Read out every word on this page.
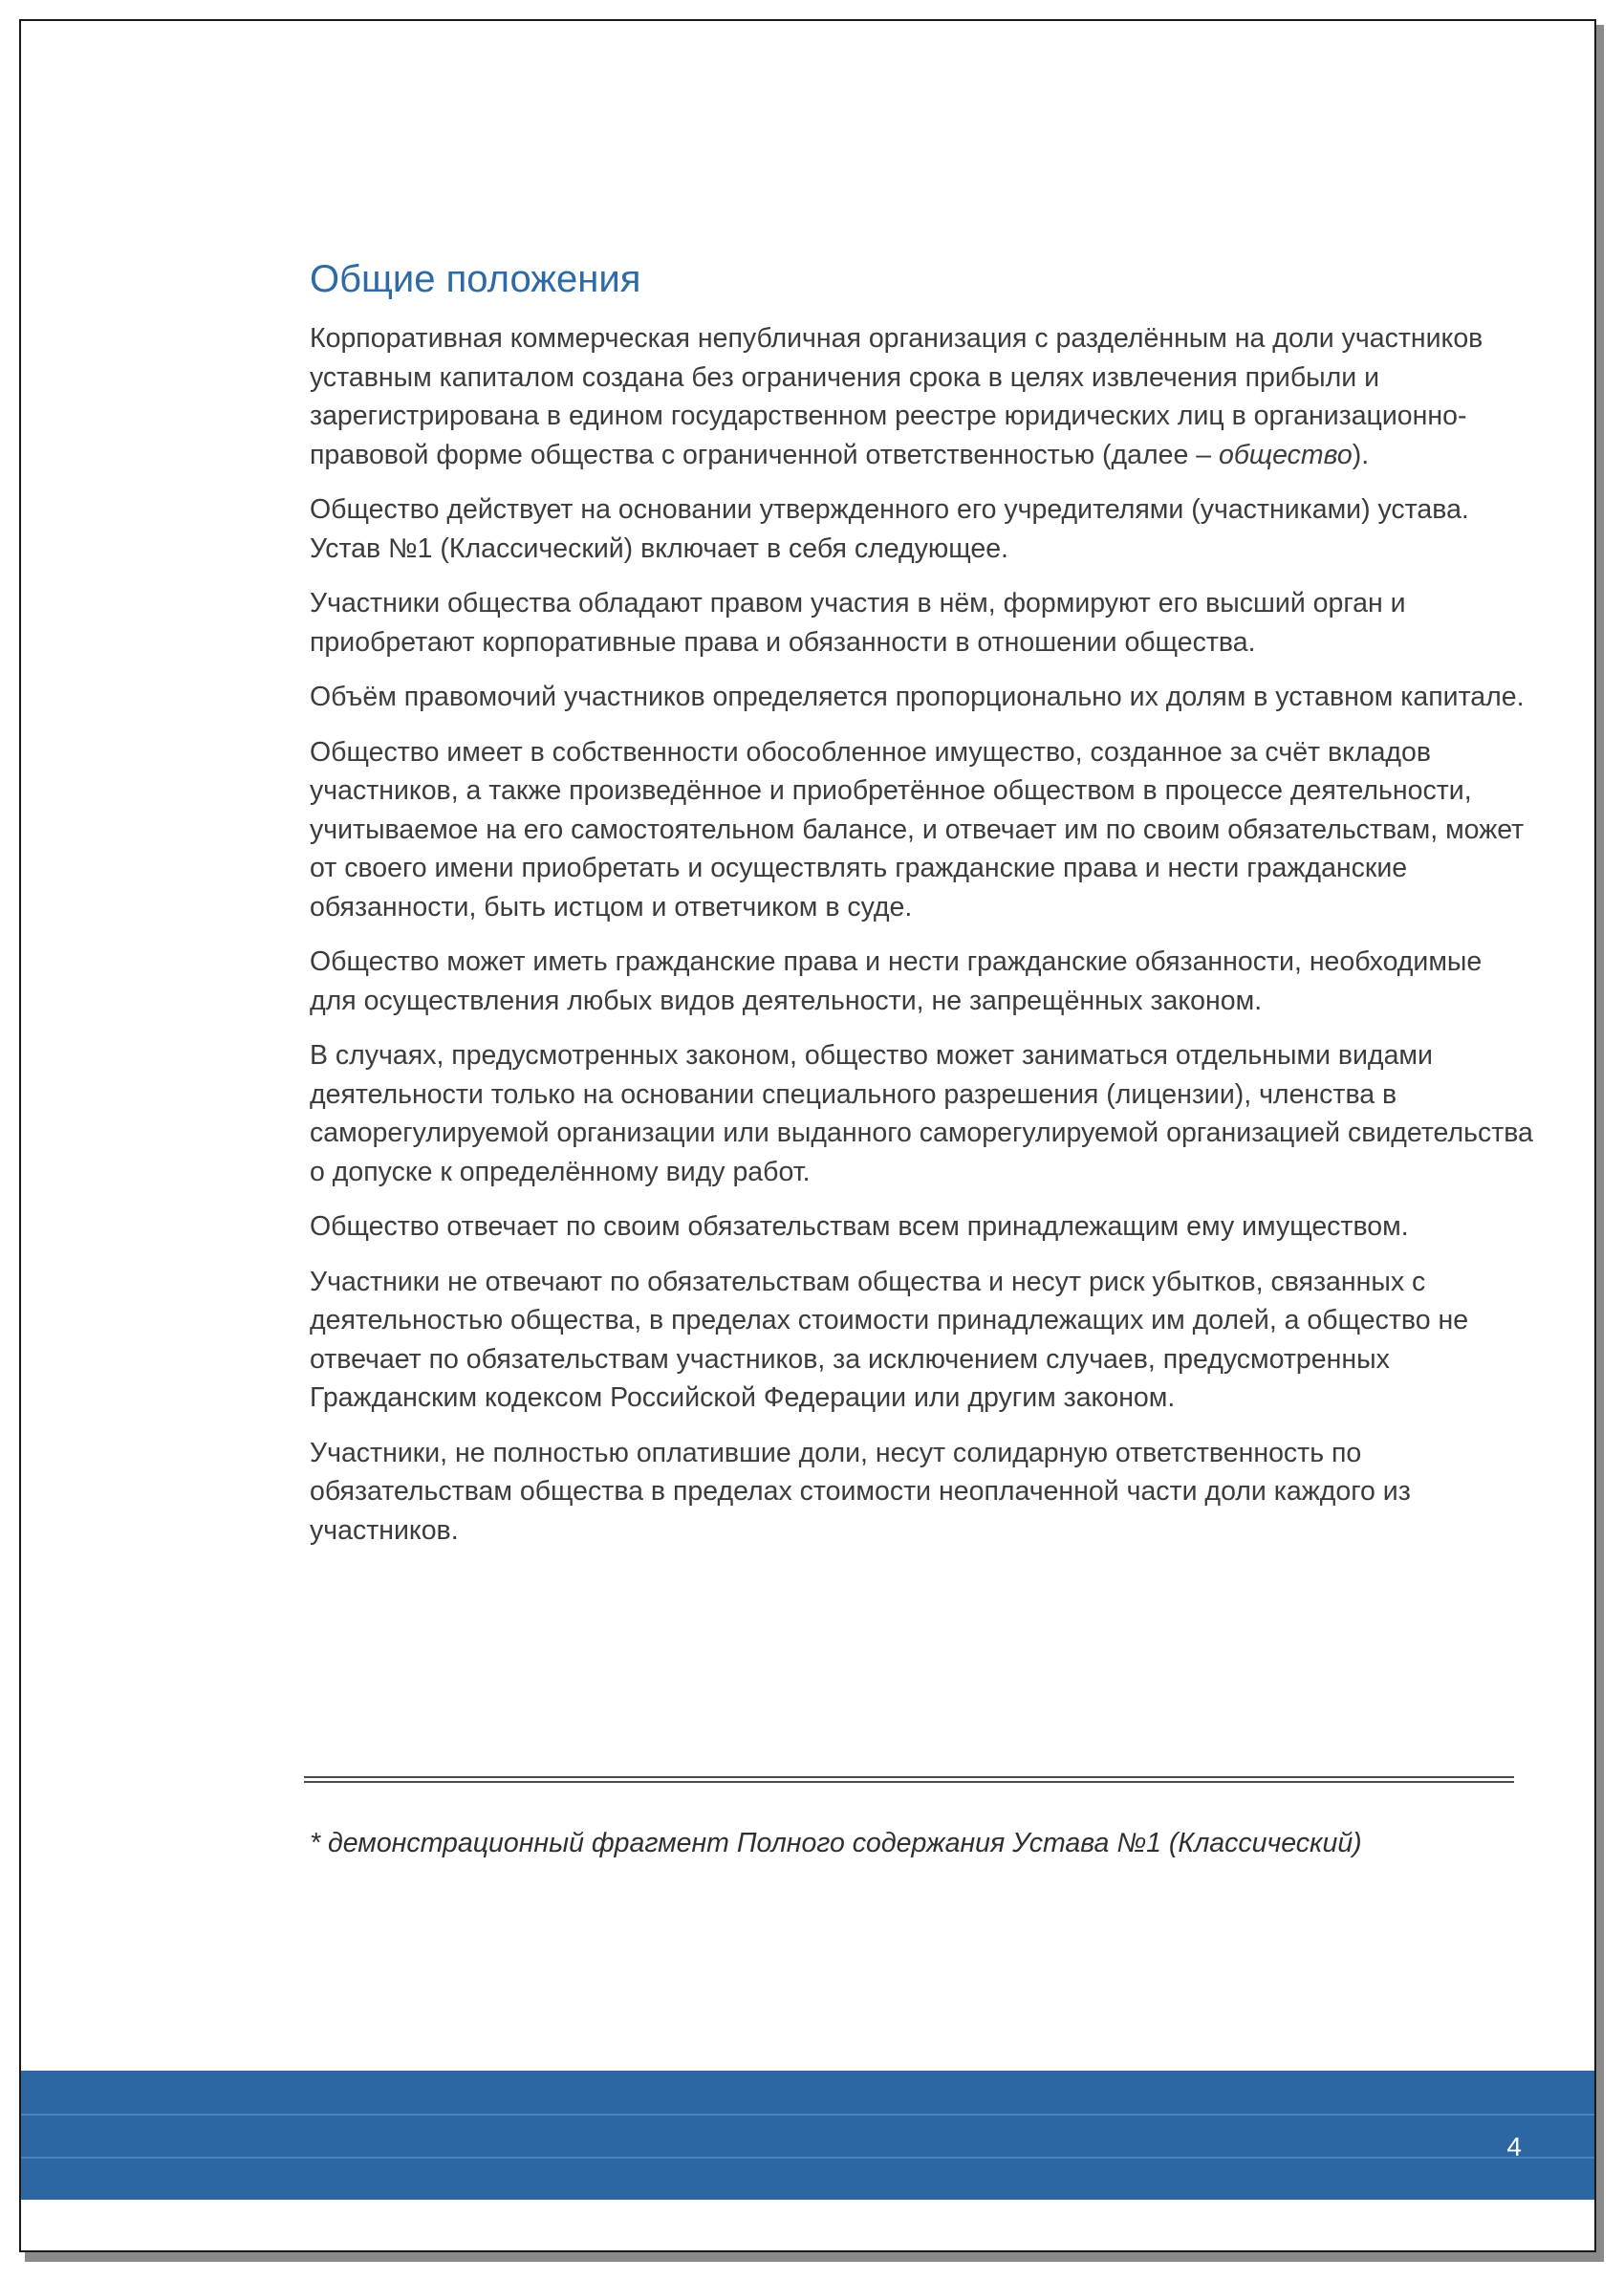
Общие положения

Корпоративная коммерческая непубличная организация с разделённым на доли участников уставным капиталом создана без ограничения срока в целях извлечения прибыли и зарегистрирована в едином государственном реестре юридических лиц в организационно-правовой форме общества с ограниченной ответственностью (далее – общество).

Общество действует на основании утвержденного его учредителями (участниками) устава. Устав №1 (Классический) включает в себя следующее.

Участники общества обладают правом участия в нём, формируют его высший орган и приобретают корпоративные права и обязанности в отношении общества.

Объём правомочий участников определяется пропорционально их долям в уставном капитале.

Общество имеет в собственности обособленное имущество, созданное за счёт вкладов участников, а также произведённое и приобретённое обществом в процессе деятельности, учитываемое на его самостоятельном балансе, и отвечает им по своим обязательствам, может от своего имени приобретать и осуществлять гражданские права и нести гражданские обязанности, быть истцом и ответчиком в суде.

Общество может иметь гражданские права и нести гражданские обязанности, необходимые для осуществления любых видов деятельности, не запрещённых законом.

В случаях, предусмотренных законом, общество может заниматься отдельными видами деятельности только на основании специального разрешения (лицензии), членства в саморегулируемой организации или выданного саморегулируемой организацией свидетельства о допуске к определённому виду работ.

Общество отвечает по своим обязательствам всем принадлежащим ему имуществом.

Участники не отвечают по обязательствам общества и несут риск убытков, связанных с деятельностью общества, в пределах стоимости принадлежащих им долей, а общество не отвечает по обязательствам участников, за исключением случаев, предусмотренных Гражданским кодексом Российской Федерации или другим законом.

Участники, не полностью оплатившие доли, несут солидарную ответственность по обязательствам общества в пределах стоимости неоплаченной части доли каждого из участников.

* демонстрационный фрагмент Полного содержания Устава №1 (Классический)
4
